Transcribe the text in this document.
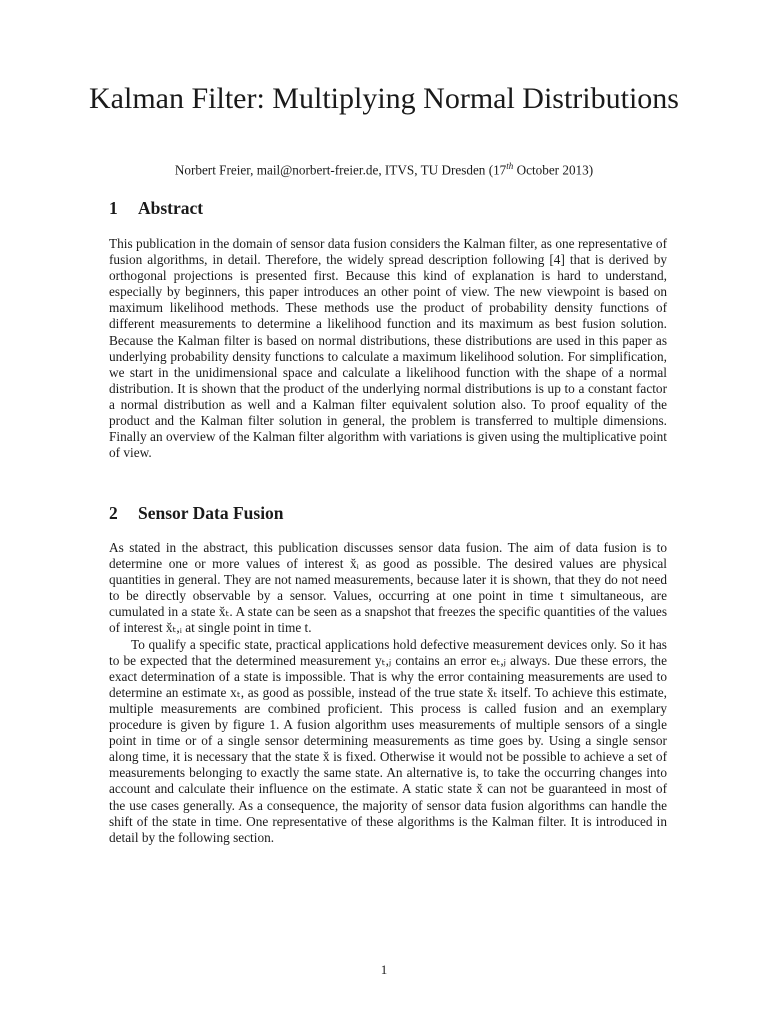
Kalman Filter: Multiplying Normal Distributions

Norbert Freier, mail@norbert-freier.de, ITVS, TU Dresden (17th October 2013)

1 Abstract

This publication in the domain of sensor data fusion considers the Kalman filter, as one representative of fusion algorithms, in detail. Therefore, the widely spread description following [4] that is derived by orthogonal projections is presented first. Because this kind of explanation is hard to understand, especially by beginners, this paper introduces an other point of view. The new viewpoint is based on maximum likelihood methods. These methods use the product of probability density functions of different measurements to determine a likelihood function and its maximum as best fusion solution. Because the Kalman filter is based on normal distributions, these distributions are used in this paper as underlying probability density functions to calculate a maximum likelihood solution. For simplification, we start in the unidimensional space and calculate a likelihood function with the shape of a normal distribution. It is shown that the product of the underlying normal distributions is up to a constant factor a normal distribution as well and a Kalman filter equivalent solution also. To proof equality of the product and the Kalman filter solution in general, the problem is transferred to multiple dimensions. Finally an overview of the Kalman filter algorithm with variations is given using the multiplicative point of view.

2 Sensor Data Fusion

As stated in the abstract, this publication discusses sensor data fusion. The aim of data fusion is to determine one or more values of interest x̆ᵢ as good as possible. The desired values are physical quantities in general. They are not named measurements, because later it is shown, that they do not need to be directly observable by a sensor. Values, occurring at one point in time t simultaneous, are cumulated in a state x̆ₜ. A state can be seen as a snapshot that freezes the specific quantities of the values of interest x̆ₜ,ᵢ at single point in time t.

To qualify a specific state, practical applications hold defective measurement devices only. So it has to be expected that the determined measurement yₜ,ⱼ contains an error eₜ,ⱼ always. Due these errors, the exact determination of a state is impossible. That is why the error containing measurements are used to determine an estimate xₜ, as good as possible, instead of the true state x̆ₜ itself. To achieve this estimate, multiple measurements are combined proficient. This process is called fusion and an exemplary procedure is given by figure 1. A fusion algorithm uses measurements of multiple sensors of a single point in time or of a single sensor determining measurements as time goes by. Using a single sensor along time, it is necessary that the state x̆ is fixed. Otherwise it would not be possible to achieve a set of measurements belonging to exactly the same state. An alternative is, to take the occurring changes into account and calculate their influence on the estimate. A static state x̆ can not be guaranteed in most of the use cases generally. As a consequence, the majority of sensor data fusion algorithms can handle the shift of the state in time. One representative of these algorithms is the Kalman filter. It is introduced in detail by the following section.

1
